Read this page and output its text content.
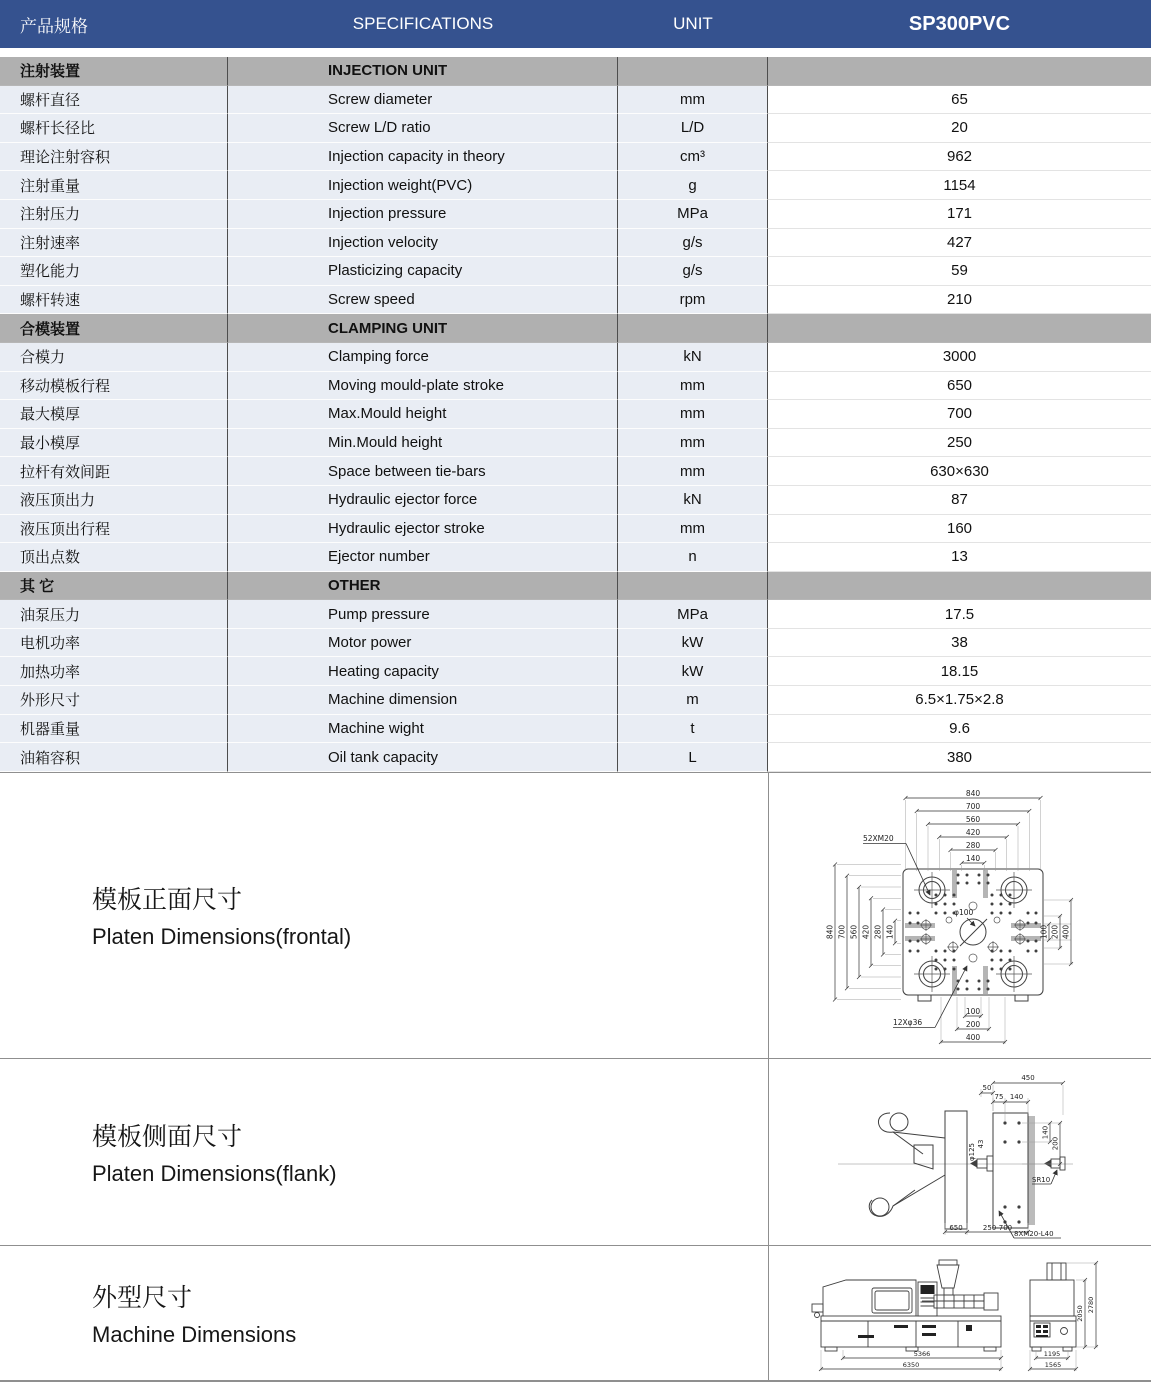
产品规格	SPECIFICATIONS	UNIT	SP300PVC
注射装置	INJECTION UNIT
螺杆直径	Screw diameter	mm	65
螺杆长径比	Screw L/D ratio	L/D	20
理论注射容积	Injection capacity in theory	cm³	962
注射重量	Injection weight(PVC)	g	1154
注射压力	Injection pressure	MPa	171
注射速率	Injection velocity	g/s	427
塑化能力	Plasticizing capacity	g/s	59
螺杆转速	Screw speed	rpm	210
合模装置	CLAMPING UNIT
合模力	Clamping force	kN	3000
移动模板行程	Moving mould-plate stroke	mm	650
最大模厚	Max.Mould height	mm	700
最小模厚	Min.Mould height	mm	250
拉杆有效间距	Space between tie-bars	mm	630×630
液压顶出力	Hydraulic ejector force	kN	87
液压顶出行程	Hydraulic ejector stroke	mm	160
顶出点数	Ejector number	n	13
其 它	OTHER
油泵压力	Pump pressure	MPa	17.5
电机功率	Motor power	kW	38
加热功率	Heating capacity	kW	18.15
外形尺寸	Machine dimension	m	6.5×1.75×2.8
机器重量	Machine wight	t	9.6
油箱容积	Oil tank capacity	L	380
模板正面尺寸
Platen Dimensions(frontal)
840
700
560
420
280
140
840 700 560 420 280 140	100 200 400
100
200
400
52XM20
φ100
12Xφ36
模板侧面尺寸
Platen Dimensions(flank)
450
50
75 140
140
200
φ125 43
SR10
650	250-700
8XM20-L40
外型尺寸
Machine Dimensions
5366
6350
1195
1565
2050
2780
